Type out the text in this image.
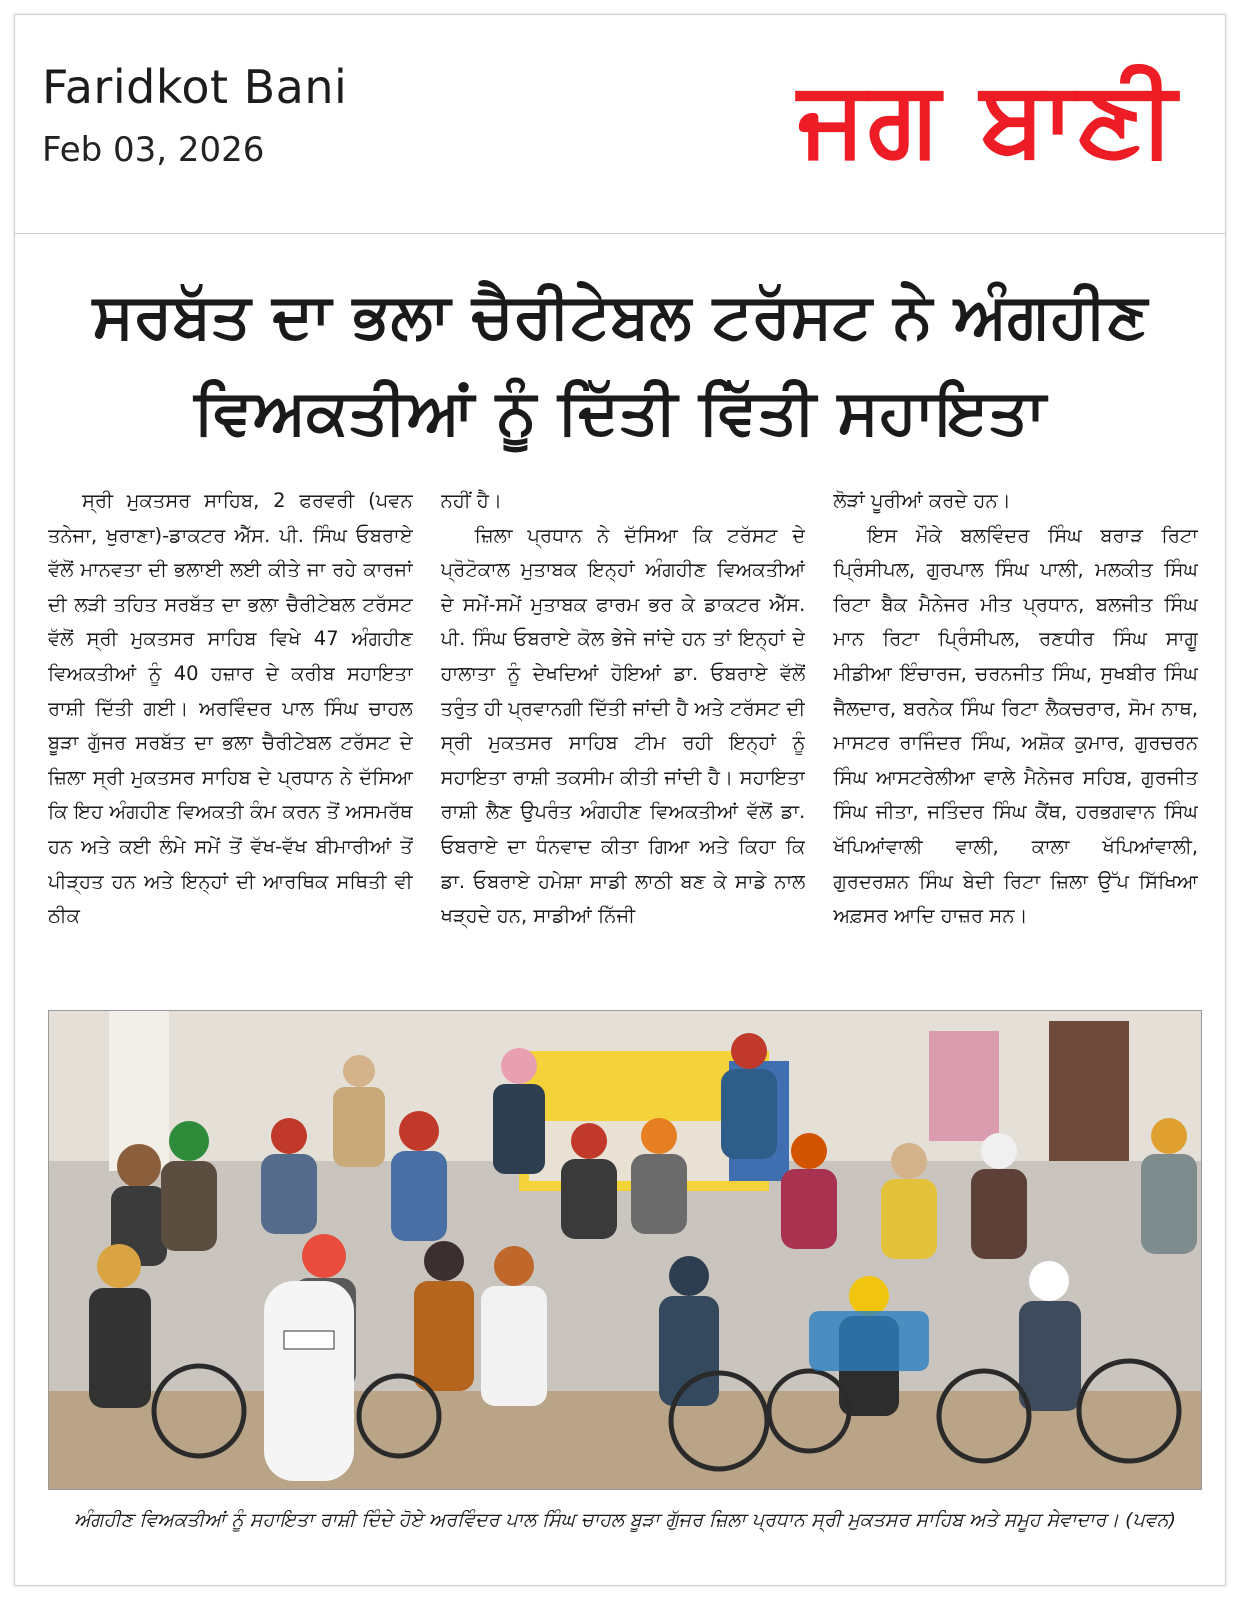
Faridkot Bani
Feb 03, 2026	ਜਗ ਬਾਣੀ
ਸਰਬੱਤ ਦਾ ਭਲਾ ਚੈਰੀਟੇਬਲ ਟਰੱਸਟ ਨੇ ਅੰਗਹੀਣ
ਵਿਅਕਤੀਆਂ ਨੂੰ ਦਿੱਤੀ ਵਿੱਤੀ ਸਹਾਇਤਾ

ਸ੍ਰੀ ਮੁਕਤਸਰ ਸਾਹਿਬ, 2 ਫਰਵਰੀ (ਪਵਨ ਤਨੇਜਾ, ਖੁਰਾਣਾ)-ਡਾਕਟਰ ਐੱਸ. ਪੀ. ਸਿੰਘ ਓਬਰਾਏ ਵੱਲੋਂ ਮਾਨਵਤਾ ਦੀ ਭਲਾਈ ਲਈ ਕੀਤੇ ਜਾ ਰਹੇ ਕਾਰਜਾਂ ਦੀ ਲੜੀ ਤਹਿਤ ਸਰਬੱਤ ਦਾ ਭਲਾ ਚੈਰੀਟੇਬਲ ਟਰੱਸਟ ਵੱਲੋਂ ਸ੍ਰੀ ਮੁਕਤਸਰ ਸਾਹਿਬ ਵਿਖੇ 47 ਅੰਗਹੀਣ ਵਿਅਕਤੀਆਂ ਨੂੰ 40 ਹਜ਼ਾਰ ਦੇ ਕਰੀਬ ਸਹਾਇਤਾ ਰਾਸ਼ੀ ਦਿੱਤੀ ਗਈ। ਅਰਵਿੰਦਰ ਪਾਲ ਸਿੰਘ ਚਾਹਲ ਬੂੜਾ ਗੁੱਜਰ ਸਰਬੱਤ ਦਾ ਭਲਾ ਚੈਰੀਟੇਬਲ ਟਰੱਸਟ ਦੇ ਜ਼ਿਲਾ ਸ੍ਰੀ ਮੁਕਤਸਰ ਸਾਹਿਬ ਦੇ ਪ੍ਰਧਾਨ ਨੇ ਦੱਸਿਆ ਕਿ ਇਹ ਅੰਗਹੀਣ ਵਿਅਕਤੀ ਕੰਮ ਕਰਨ ਤੋਂ ਅਸਮਰੱਥ ਹਨ ਅਤੇ ਕਈ ਲੰਮੇ ਸਮੇਂ ਤੋਂ ਵੱਖ-ਵੱਖ ਬੀਮਾਰੀਆਂ ਤੋਂ ਪੀੜ੍ਹਤ ਹਨ ਅਤੇ ਇਨ੍ਹਾਂ ਦੀ ਆਰਥਿਕ ਸਥਿਤੀ ਵੀ ਠੀਕ

ਨਹੀਂ ਹੈ।

ਜ਼ਿਲਾ ਪ੍ਰਧਾਨ ਨੇ ਦੱਸਿਆ ਕਿ ਟਰੱਸਟ ਦੇ ਪ੍ਰੋਟੋਕਾਲ ਮੁਤਾਬਕ ਇਨ੍ਹਾਂ ਅੰਗਹੀਣ ਵਿਅਕਤੀਆਂ ਦੇ ਸਮੇਂ-ਸਮੇਂ ਮੁਤਾਬਕ ਫਾਰਮ ਭਰ ਕੇ ਡਾਕਟਰ ਐੱਸ. ਪੀ. ਸਿੰਘ ਓਬਰਾਏ ਕੋਲ ਭੇਜੇ ਜਾਂਦੇ ਹਨ ਤਾਂ ਇਨ੍ਹਾਂ ਦੇ ਹਾਲਾਤਾ ਨੂੰ ਦੇਖਦਿਆਂ ਹੋਇਆਂ ਡਾ. ਓਬਰਾਏ ਵੱਲੋਂ ਤਰੁੰਤ ਹੀ ਪ੍ਰਵਾਨਗੀ ਦਿੱਤੀ ਜਾਂਦੀ ਹੈ ਅਤੇ ਟਰੱਸਟ ਦੀ ਸ੍ਰੀ ਮੁਕਤਸਰ ਸਾਹਿਬ ਟੀਮ ਰਹੀ ਇਨ੍ਹਾਂ ਨੂੰ ਸਹਾਇਤਾ ਰਾਸ਼ੀ ਤਕਸੀਮ ਕੀਤੀ ਜਾਂਦੀ ਹੈ। ਸਹਾਇਤਾ ਰਾਸ਼ੀ ਲੈਣ ਉਪਰੰਤ ਅੰਗਹੀਣ ਵਿਅਕਤੀਆਂ ਵੱਲੋਂ ਡਾ. ਓਬਰਾਏ ਦਾ ਧੰਨਵਾਦ ਕੀਤਾ ਗਿਆ ਅਤੇ ਕਿਹਾ ਕਿ ਡਾ. ਓਬਰਾਏ ਹਮੇਸ਼ਾ ਸਾਡੀ ਲਾਠੀ ਬਣ ਕੇ ਸਾਡੇ ਨਾਲ ਖੜ੍ਹਦੇ ਹਨ, ਸਾਡੀਆਂ ਨਿੱਜੀ

ਲੋੜਾਂ ਪੂਰੀਆਂ ਕਰਦੇ ਹਨ।

ਇਸ ਮੌਕੇ ਬਲਵਿੰਦਰ ਸਿੰਘ ਬਰਾੜ ਰਿਟਾ ਪ੍ਰਿੰਸੀਪਲ, ਗੁਰਪਾਲ ਸਿੰਘ ਪਾਲੀ, ਮਲਕੀਤ ਸਿੰਘ ਰਿਟਾ ਬੈਕ ਮੈਨੇਜਰ ਮੀਤ ਪ੍ਰਧਾਨ, ਬਲਜੀਤ ਸਿੰਘ ਮਾਨ ਰਿਟਾ ਪ੍ਰਿੰਸੀਪਲ, ਰਣਧੀਰ ਸਿੰਘ ਸਾਗੂ ਮੀਡੀਆ ਇੰਚਾਰਜ, ਚਰਨਜੀਤ ਸਿੰਘ, ਸੁਖਬੀਰ ਸਿੰਘ ਜੈਲਦਾਰ, ਬਰਨੇਕ ਸਿੰਘ ਰਿਟਾ ਲੈਕਚਰਾਰ, ਸੋਮ ਨਾਥ, ਮਾਸਟਰ ਰਾਜਿੰਦਰ ਸਿੰਘ, ਅਸ਼ੋਕ ਕੁਮਾਰ, ਗੁਰਚਰਨ ਸਿੰਘ ਆਸਟਰੇਲੀਆ ਵਾਲੇ ਮੈਨੇਜਰ ਸਹਿਬ, ਗੁਰਜੀਤ ਸਿੰਘ ਜੀਤਾ, ਜਤਿੰਦਰ ਸਿੰਘ ਕੈਂਥ, ਹਰਭਗਵਾਨ ਸਿੰਘ ਖੱਪਿਆਂਵਾਲੀ ਵਾਲੀ, ਕਾਲਾ ਖੱਪਿਆਂਵਾਲੀ, ਗੁਰਦਰਸ਼ਨ ਸਿੰਘ ਬੇਦੀ ਰਿਟਾ ਜ਼ਿਲਾ ਉੱਪ ਸਿੱਖਿਆ ਅਫ਼ਸਰ ਆਦਿ ਹਾਜ਼ਰ ਸਨ।

ਅੰਗਹੀਣ ਵਿਅਕਤੀਆਂ ਨੂੰ ਸਹਾਇਤਾ ਰਾਸ਼ੀ ਦਿੰਦੇ ਹੋਏ ਅਰਵਿੰਦਰ ਪਾਲ ਸਿੰਘ ਚਾਹਲ ਬੂੜਾ ਗੁੱਜਰ ਜ਼ਿਲਾ ਪ੍ਰਧਾਨ ਸ੍ਰੀ ਮੁਕਤਸਰ ਸਾਹਿਬ ਅਤੇ ਸਮੂਹ ਸੇਵਾਦਾਰ। (ਪਵਨ)
